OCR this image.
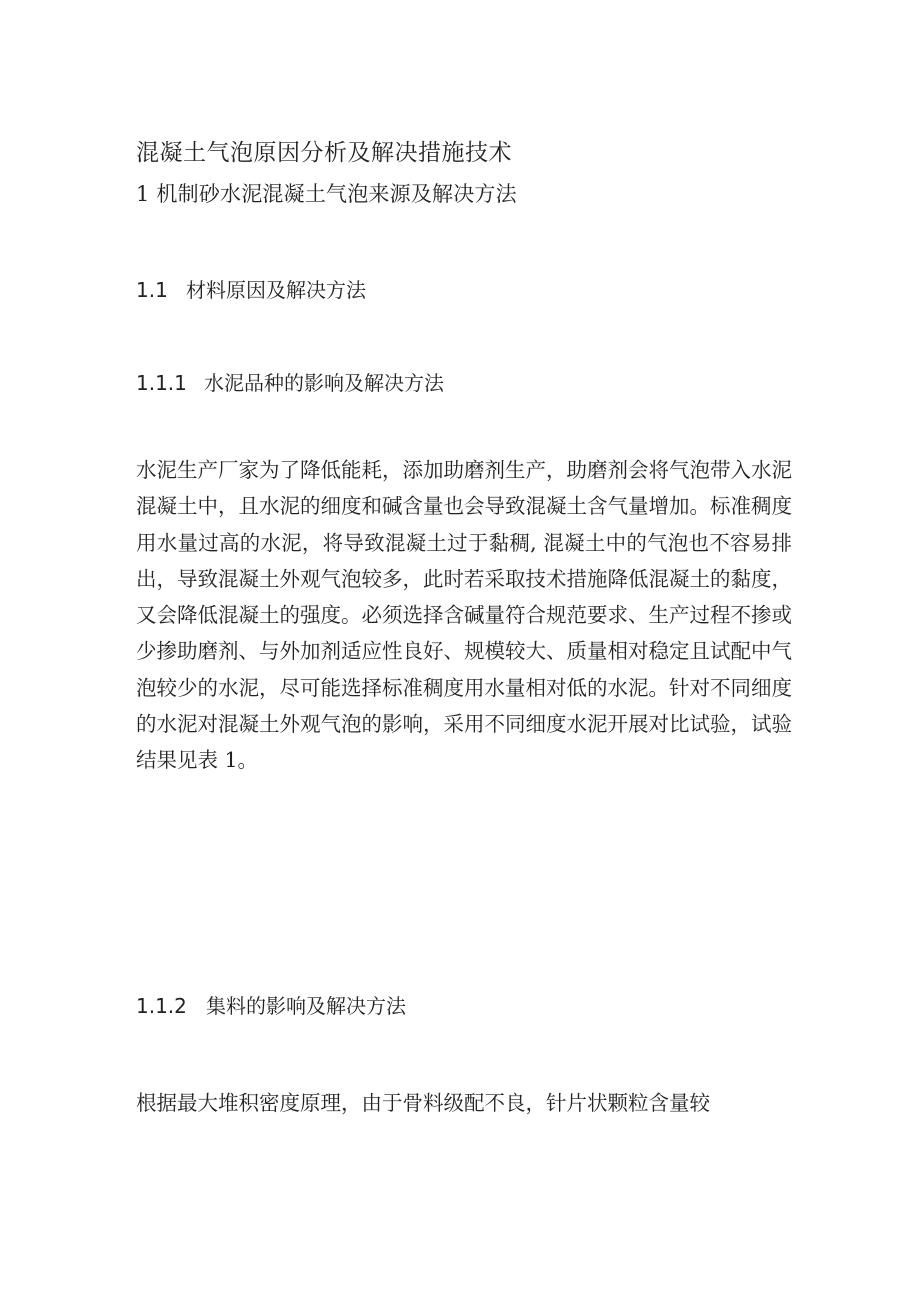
混凝土气泡原因分析及解决措施技术

1 机制砂水泥混凝土气泡来源及解决方法

1.1 材料原因及解决方法

1.1.1 水泥品种的影响及解决方法

水泥生产厂家为了降低能耗，添加助磨剂生产，助磨剂会将气泡带入水泥混凝土中，且水泥的细度和碱含量也会导致混凝土含气量增加。标准稠度用水量过高的水泥，将导致混凝土过于黏稠, 混凝土中的气泡也不容易排出，导致混凝土外观气泡较多，此时若采取技术措施降低混凝土的黏度，又会降低混凝土的强度。必须选择含碱量符合规范要求、生产过程不掺或少掺助磨剂、与外加剂适应性良好、规模较大、质量相对稳定且试配中气泡较少的水泥，尽可能选择标准稠度用水量相对低的水泥。针对不同细度的水泥对混凝土外观气泡的影响，采用不同细度水泥开展对比试验，试验结果见表 1。

1.1.2 集料的影响及解决方法

根据最大堆积密度原理，由于骨料级配不良，针片状颗粒含量较
